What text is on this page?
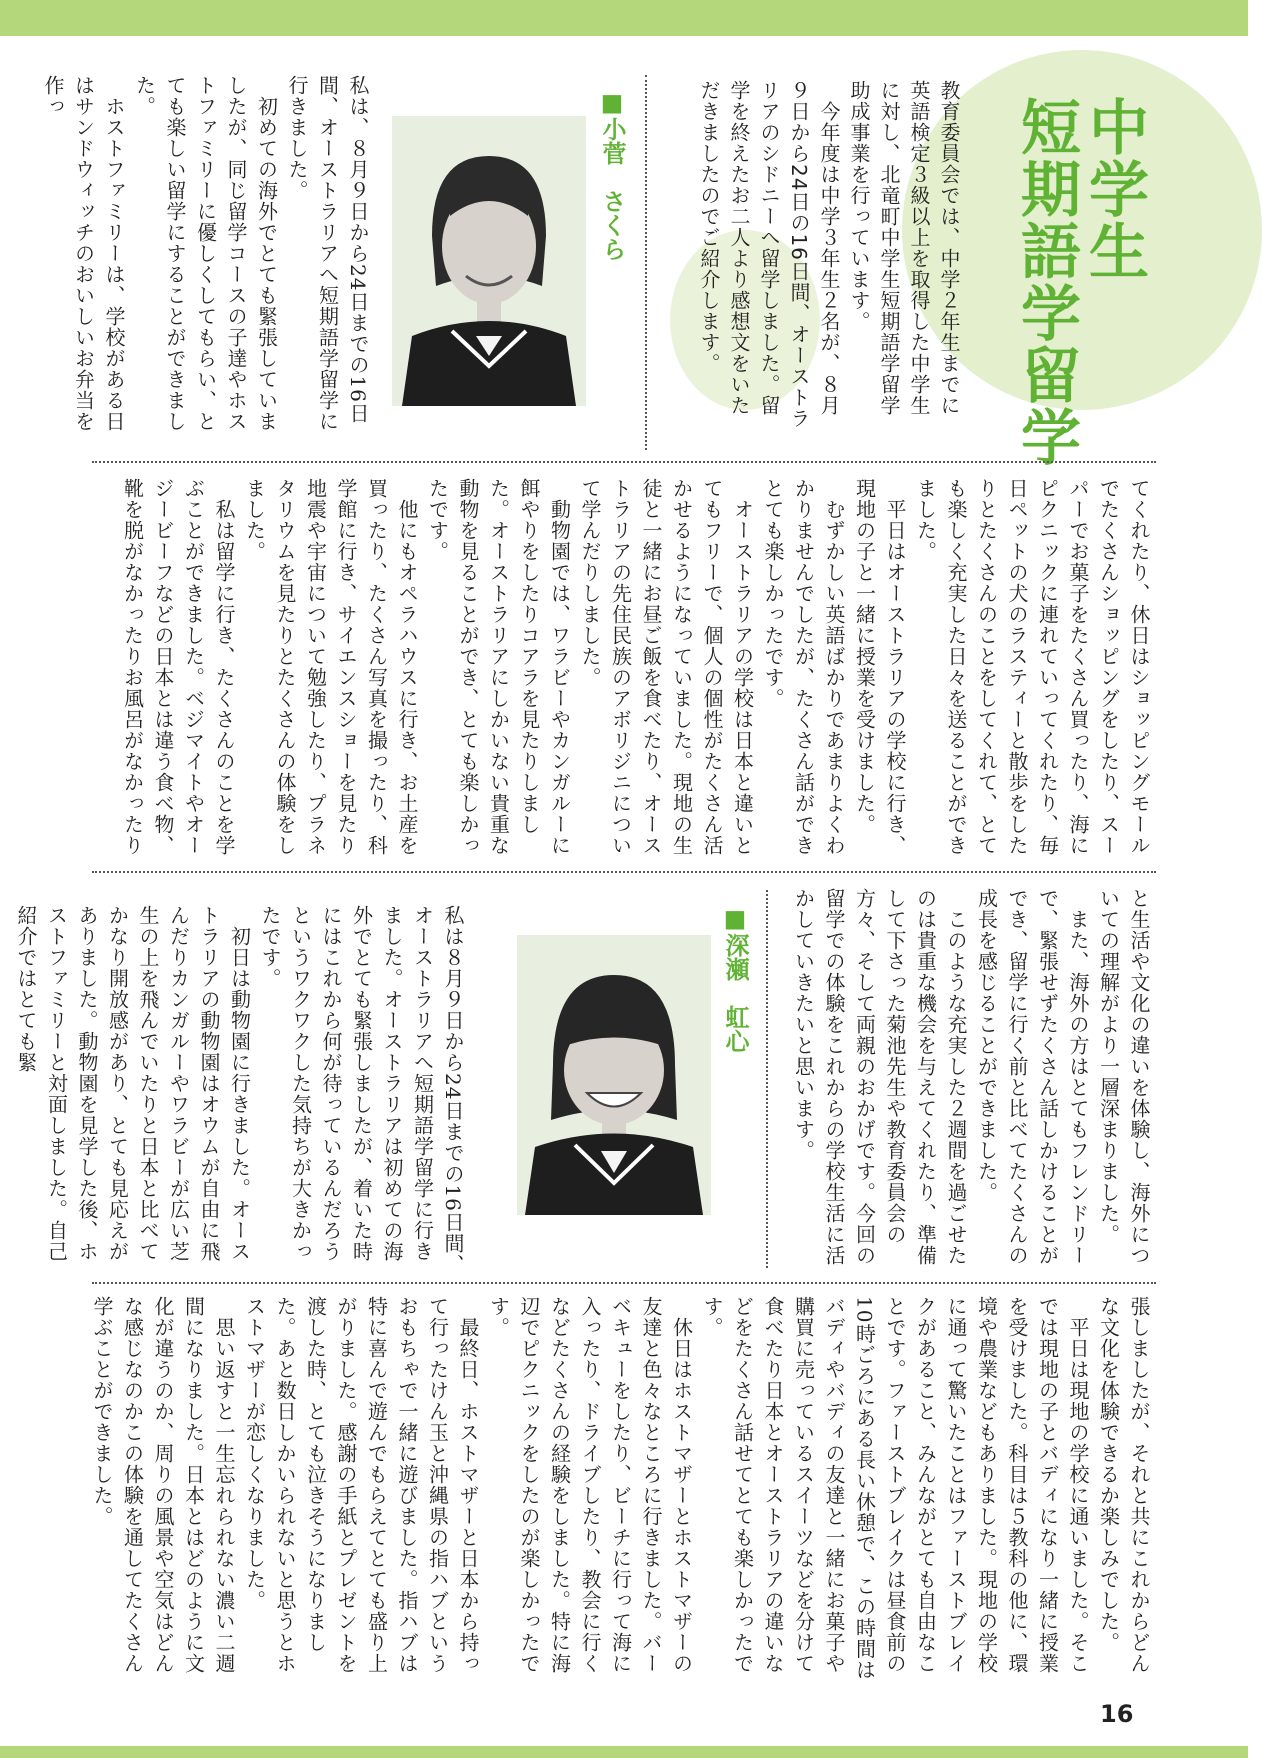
中学生
短期語学留学
教育委員会では、中学２年生までに英語検定３級以上を取得した中学生に対し、北竜町中学生短期語学留学助成事業を行っています。
　今年度は中学３年生２名が、８月９日から24日の16日間、オーストラリアのシドニーへ留学しました。留学を終えたお二人より感想文をいただきましたのでご紹介します。

■小菅　さくら

私は、８月９日から24日までの16日間、オーストラリアへ短期語学留学に行きました。
　初めての海外でとても緊張していましたが、同じ留学コースの子達やホストファミリーに優しくしてもらい、とても楽しい留学にすることができました。
　ホストファミリーは、学校がある日はサンドウィッチのおいしいお弁当を作っ
てくれたり、休日はショッピングモールでたくさんショッピングをしたり、スーパーでお菓子をたくさん買ったり、海にピクニックに連れていってくれたり、毎日ペットの犬のラスティーと散歩をしたりとたくさんのことをしてくれて、とても楽しく充実した日々を送ることができました。
　平日はオーストラリアの学校に行き、現地の子と一緒に授業を受けました。
　むずかしい英語ばかりであまりよくわかりませんでしたが、たくさん話ができとても楽しかったです。
　オーストラリアの学校は日本と違いとてもフリーで、個人の個性がたくさん活かせるようになっていました。現地の生徒と一緒にお昼ご飯を食べたり、オーストラリアの先住民族のアボリジニについて学んだりしました。
　動物園では、ワラビーやカンガルーに餌やりをしたりコアラを見たりしました。オーストラリアにしかいない貴重な動物を見ることができ、とても楽しかったです。
　他にもオペラハウスに行き、お土産を買ったり、たくさん写真を撮ったり、科学館に行き、サイエンスショーを見たり地震や宇宙について勉強したり、プラネタリウムを見たりとたくさんの体験をしました。
　私は留学に行き、たくさんのことを学ぶことができました。ベジマイトやオージービーフなどの日本とは違う食べ物、靴を脱がなかったりお風呂がなかったり
と生活や文化の違いを体験し、海外についての理解がより一層深まりました。
　また、海外の方はとてもフレンドリーで、緊張せずたくさん話しかけることができ、留学に行く前と比べてたくさんの成長を感じることができました。
　このような充実した２週間を過ごせたのは貴重な機会を与えてくれたり、準備して下さった菊池先生や教育委員会の方々、そして両親のおかげです。今回の留学での体験をこれからの学校生活に活かしていきたいと思います。

■深瀬　虹心

私は８月９日から24日までの16日間、オーストラリアへ短期語学留学に行きました。オーストラリアは初めての海外でとても緊張しましたが、着いた時にはこれから何が待っているんだろうというワクワクした気持ちが大きかったです。
　初日は動物園に行きました。オーストラリアの動物園はオウムが自由に飛んだりカンガルーやワラビーが広い芝生の上を飛んでいたりと日本と比べてかなり開放感があり、とても見応えがありました。動物園を見学した後、ホストファミリーと対面しました。自己紹介ではとても緊
張しましたが、それと共にこれからどんな文化を体験できるか楽しみでした。
　平日は現地の学校に通いました。そこでは現地の子とバディになり一緒に授業を受けました。科目は５教科の他に、環境や農業などもありました。現地の学校に通って驚いたことはファーストブレイクがあること、みんながとても自由なことです。ファーストブレイクは昼食前の10時ごろにある長い休憩で、この時間はバディやバディの友達と一緒にお菓子や購買に売っているスイーツなどを分けて食べたり日本とオーストラリアの違いなどをたくさん話せてとても楽しかったです。
　休日はホストマザーとホストマザーの友達と色々なところに行きました。バーベキューをしたり、ビーチに行って海に入ったり、ドライブしたり、教会に行くなどたくさんの経験をしました。特に海辺でピクニックをしたのが楽しかったです。
　最終日、ホストマザーと日本から持って行ったけん玉と沖縄県の指ハブというおもちゃで一緒に遊びました。指ハブは特に喜んで遊んでもらえてとても盛り上がりました。感謝の手紙とプレゼントを渡した時、とても泣きそうになりました。あと数日しかいられないと思うとホストマザーが恋しくなりました。
　思い返すと一生忘れられない濃い二週間になりました。日本とはどのように文化が違うのか、周りの風景や空気はどんな感じなのかこの体験を通してたくさん学ぶことができました。
16
